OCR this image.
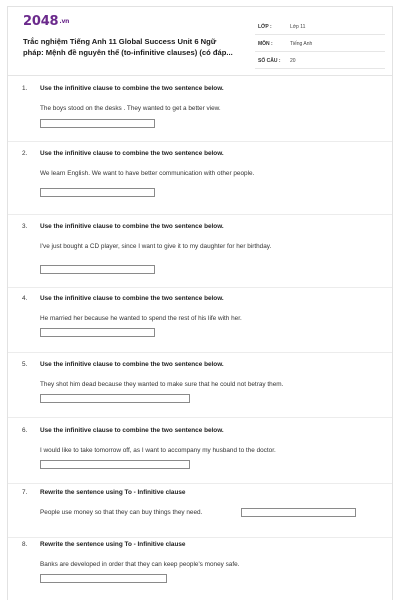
2048.vn
Trắc nghiệm Tiếng Anh 11 Global Success Unit 6 Ngữ
pháp: Mệnh đề nguyên thể (to-infinitive clauses) (có đáp...
LỚP :	Lớp 11
MÔN :	Tiếng Anh
SỐ CÂU : 20
1. Use the infinitive clause to combine the two sentence below.
The boys stood on the desks . They wanted to get a better view.
2. Use the infinitive clause to combine the two sentence below.
We learn English. We want to have better communication with other people.
3. Use the infinitive clause to combine the two sentence below.
I've just bought a CD player, since I want to give it to my daughter for her birthday.
4. Use the infinitive clause to combine the two sentence below.
He married her because he wanted to spend the rest of his life with her.
5. Use the infinitive clause to combine the two sentence below.
They shot him dead because they wanted to make sure that he could not betray them.
6. Use the infinitive clause to combine the two sentence below.
I would like to take tomorrow off, as I want to accompany my husband to the doctor.
7. Rewrite the sentence using To - Infinitive clause
People use money so that they can buy things they need.
8. Rewrite the sentence using To - Infinitive clause
Banks are developed in order that they can keep people's money safe.
